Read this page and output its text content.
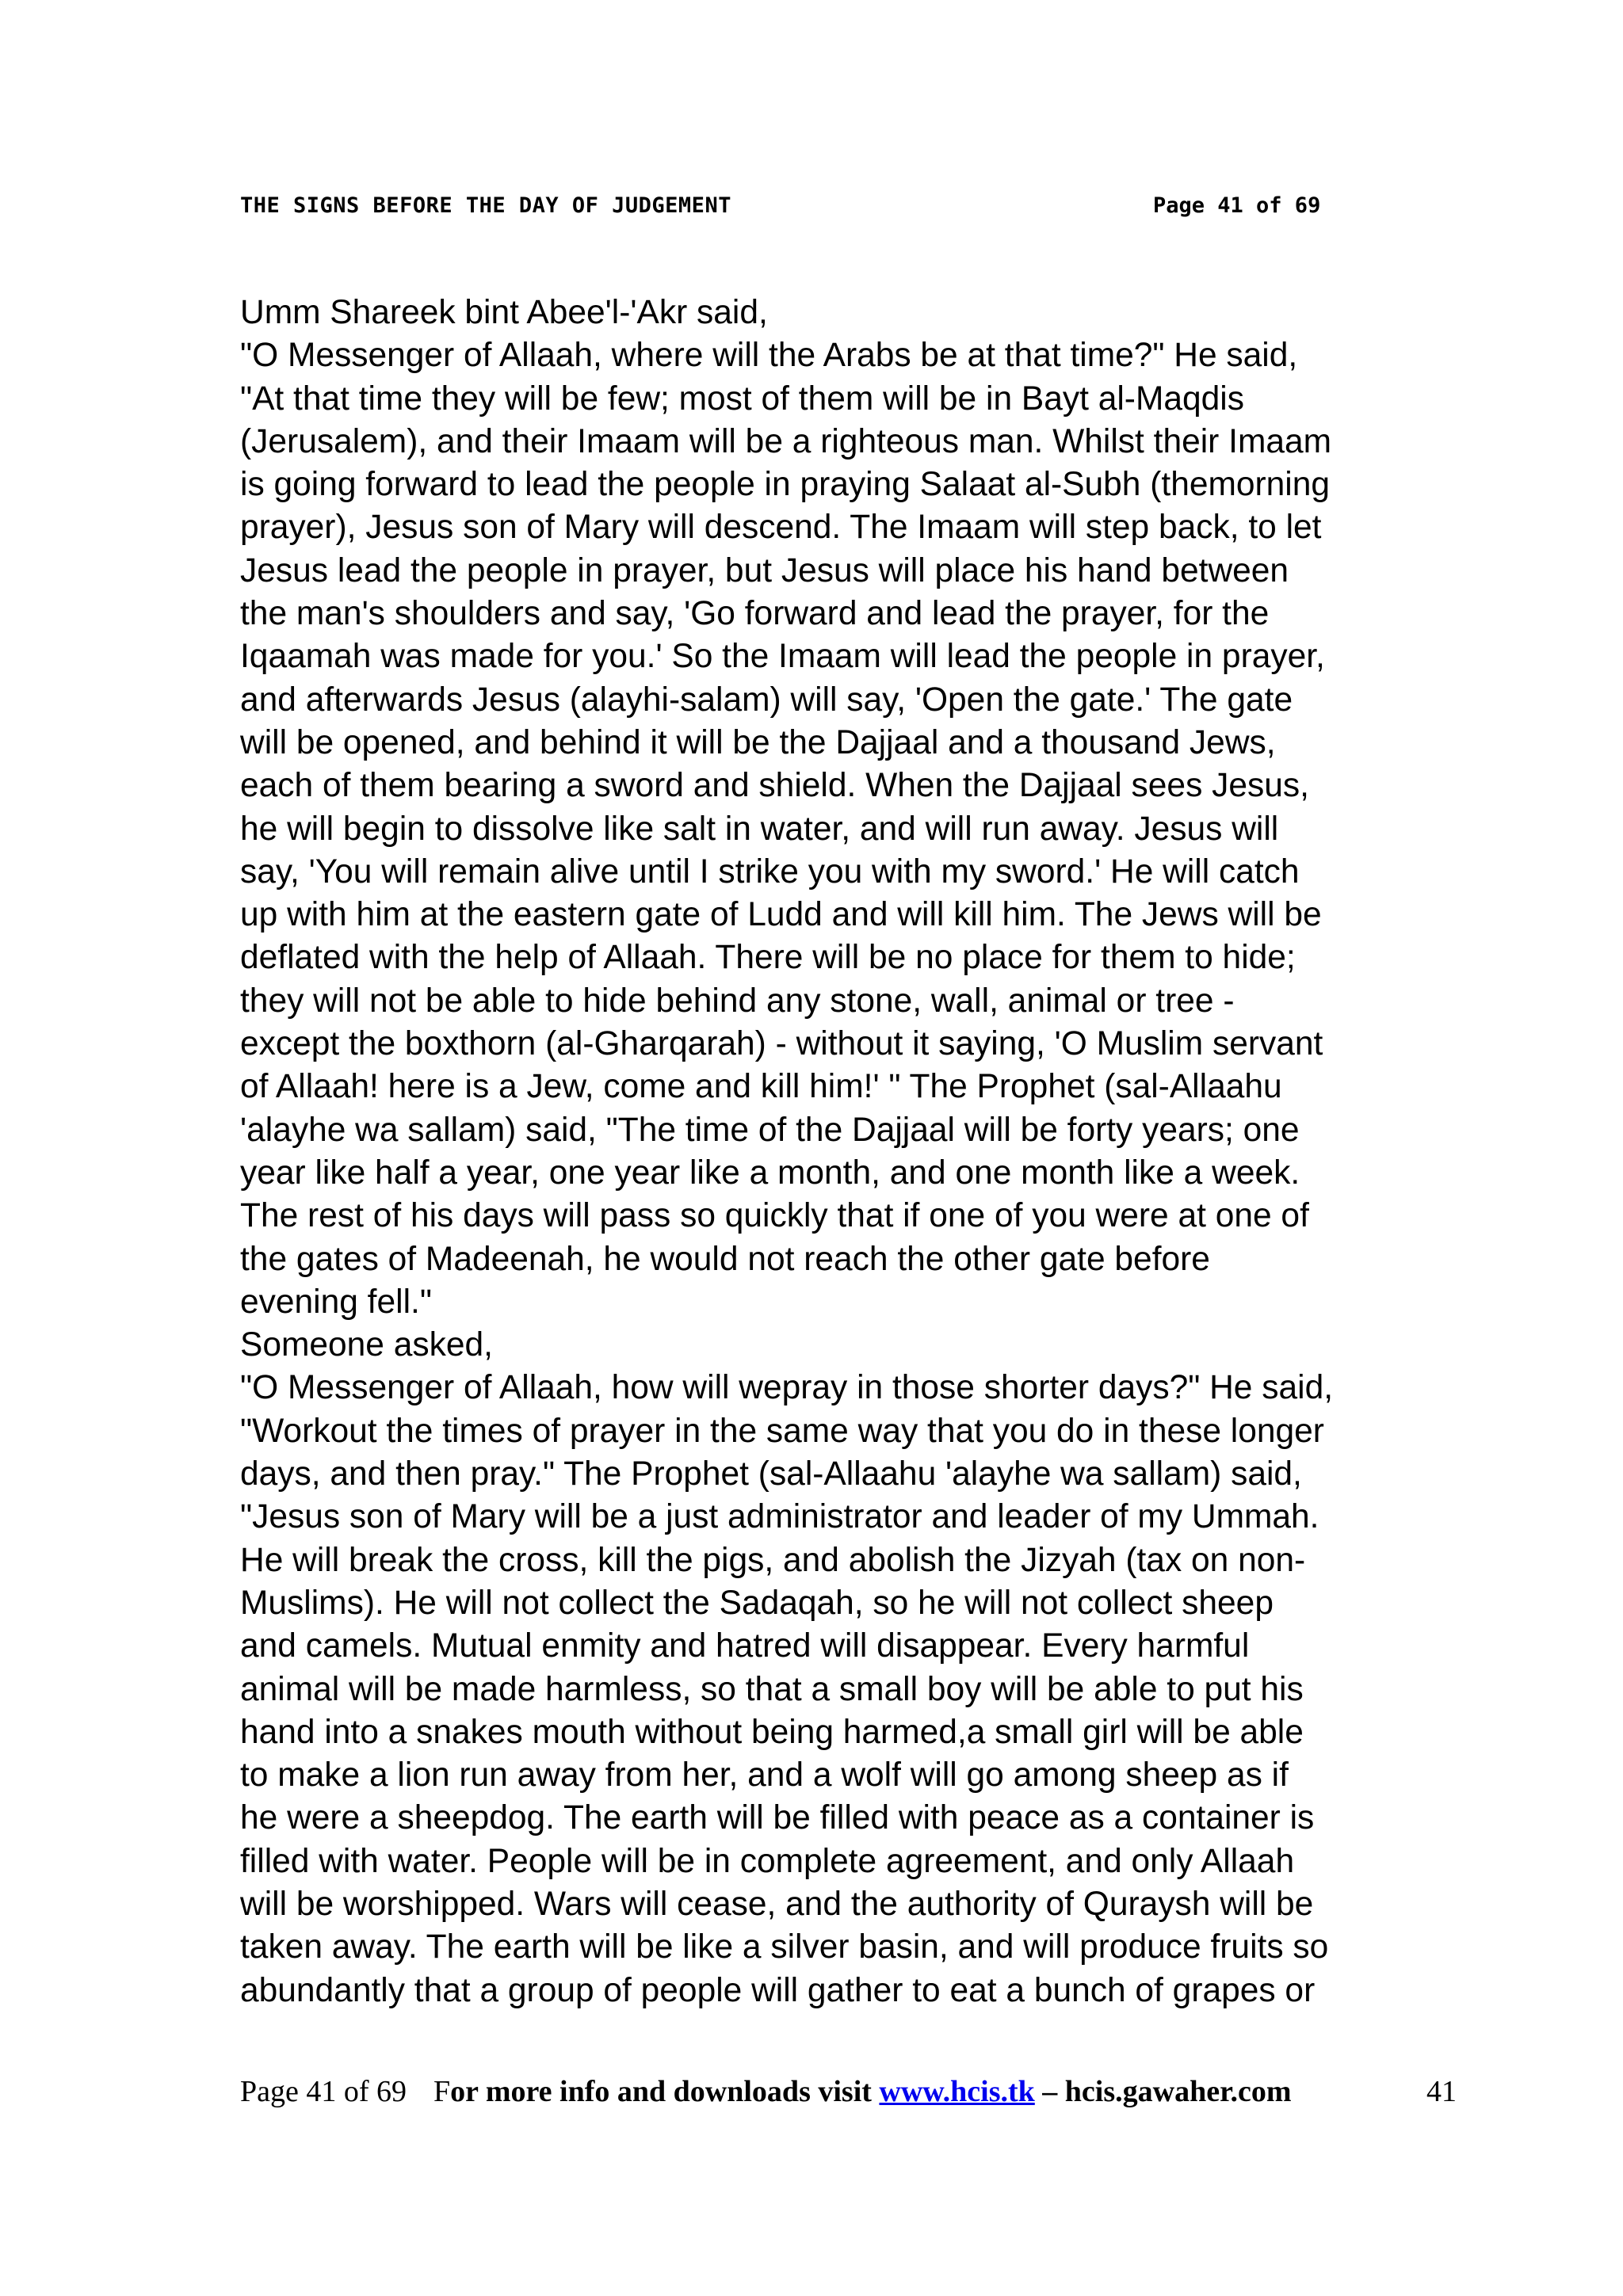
THE SIGNS BEFORE THE DAY OF JUDGEMENT	Page 41 of 69
Umm Shareek bint Abee'l-'Akr said,
"O Messenger of Allaah, where will the Arabs be at that time?" He said,
"At that time they will be few; most of them will be in Bayt al-Maqdis
(Jerusalem), and their Imaam will be a righteous man. Whilst their Imaam
is going forward to lead the people in praying Salaat al-Subh (themorning
prayer), Jesus son of Mary will descend. The Imaam will step back, to let
Jesus lead the people in prayer, but Jesus will place his hand between
the man's shoulders and say, 'Go forward and lead the prayer, for the
Iqaamah was made for you.' So the Imaam will lead the people in prayer,
and afterwards Jesus (alayhi-salam) will say, 'Open the gate.' The gate
will be opened, and behind it will be the Dajjaal and a thousand Jews,
each of them bearing a sword and shield. When the Dajjaal sees Jesus,
he will begin to dissolve like salt in water, and will run away. Jesus will
say, 'You will remain alive until I strike you with my sword.' He will catch
up with him at the eastern gate of Ludd and will kill him. The Jews will be
deflated with the help of Allaah. There will be no place for them to hide;
they will not be able to hide behind any stone, wall, animal or tree -
except the boxthorn (al-Gharqarah) - without it saying, 'O Muslim servant
of Allaah! here is a Jew, come and kill him!' " The Prophet (sal-Allaahu
'alayhe wa sallam) said, "The time of the Dajjaal will be forty years; one
year like half a year, one year like a month, and one month like a week.
The rest of his days will pass so quickly that if one of you were at one of
the gates of Madeenah, he would not reach the other gate before
evening fell."
Someone asked,
"O Messenger of Allaah, how will wepray in those shorter days?" He said,
"Workout the times of prayer in the same way that you do in these longer
days, and then pray." The Prophet (sal-Allaahu 'alayhe wa sallam) said,
"Jesus son of Mary will be a just administrator and leader of my Ummah.
He will break the cross, kill the pigs, and abolish the Jizyah (tax on non-
Muslims). He will not collect the Sadaqah, so he will not collect sheep
and camels. Mutual enmity and hatred will disappear. Every harmful
animal will be made harmless, so that a small boy will be able to put his
hand into a snakes mouth without being harmed,a small girl will be able
to make a lion run away from her, and a wolf will go among sheep as if
he were a sheepdog. The earth will be filled with peace as a container is
filled with water. People will be in complete agreement, and only Allaah
will be worshipped. Wars will cease, and the authority of Quraysh will be
taken away. The earth will be like a silver basin, and will produce fruits so
abundantly that a group of people will gather to eat a bunch of grapes or
Page 41 of 69 For more info and downloads visit www.hcis.tk – hcis.gawaher.com	41
